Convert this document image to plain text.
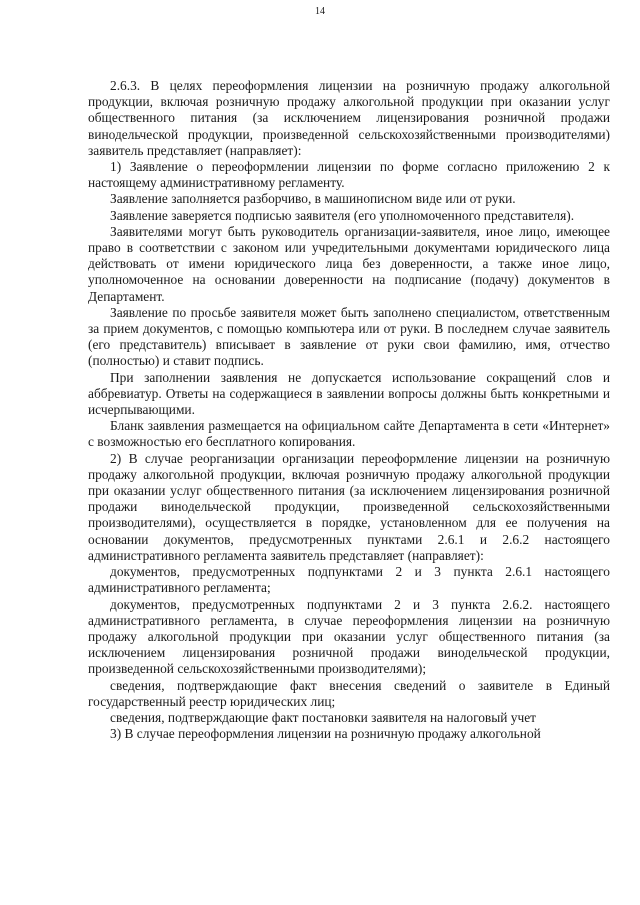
14

2.6.3. В целях переоформления лицензии на розничную продажу алкогольной продукции, включая розничную продажу алкогольной продукции при оказании услуг общественного питания (за исключением лицензирования розничной продажи винодельческой продукции, произведенной сельскохозяйственными производителями) заявитель представляет (направляет):

1) Заявление о переоформлении лицензии по форме согласно приложению 2 к настоящему административному регламенту.

Заявление заполняется разборчиво, в машинописном виде или от руки.

Заявление заверяется подписью заявителя (его уполномоченного представителя).

Заявителями могут быть руководитель организации-заявителя, иное лицо, имеющее право в соответствии с законом или учредительными документами юридического лица действовать от имени юридического лица без доверенности, а также иное лицо, уполномоченное на основании доверенности на подписание (подачу) документов в Департамент.

Заявление по просьбе заявителя может быть заполнено специалистом, ответственным за прием документов, с помощью компьютера или от руки. В последнем случае заявитель (его представитель) вписывает в заявление от руки свои фамилию, имя, отчество (полностью) и ставит подпись.

При заполнении заявления не допускается использование сокращений слов и аббревиатур. Ответы на содержащиеся в заявлении вопросы должны быть конкретными и исчерпывающими.

Бланк заявления размещается на официальном сайте Департамента в сети «Интернет» с возможностью его бесплатного копирования.

2) В случае реорганизации организации переоформление лицензии на розничную продажу алкогольной продукции, включая розничную продажу алкогольной продукции при оказании услуг общественного питания (за исключением лицензирования розничной продажи винодельческой продукции, произведенной сельскохозяйственными производителями), осуществляется в порядке, установленном для ее получения на основании документов, предусмотренных пунктами 2.6.1 и 2.6.2 настоящего административного регламента заявитель представляет (направляет):

документов, предусмотренных подпунктами 2 и 3 пункта 2.6.1 настоящего административного регламента;

документов, предусмотренных подпунктами 2 и 3 пункта 2.6.2. настоящего административного регламента, в случае переоформления лицензии на розничную продажу алкогольной продукции при оказании услуг общественного питания (за исключением лицензирования розничной продажи винодельческой продукции, произведенной сельскохозяйственными производителями);

сведения, подтверждающие факт внесения сведений о заявителе в Единый государственный реестр юридических лиц;

сведения, подтверждающие факт постановки заявителя на налоговый учет

3) В случае переоформления лицензии на розничную продажу алкогольной
